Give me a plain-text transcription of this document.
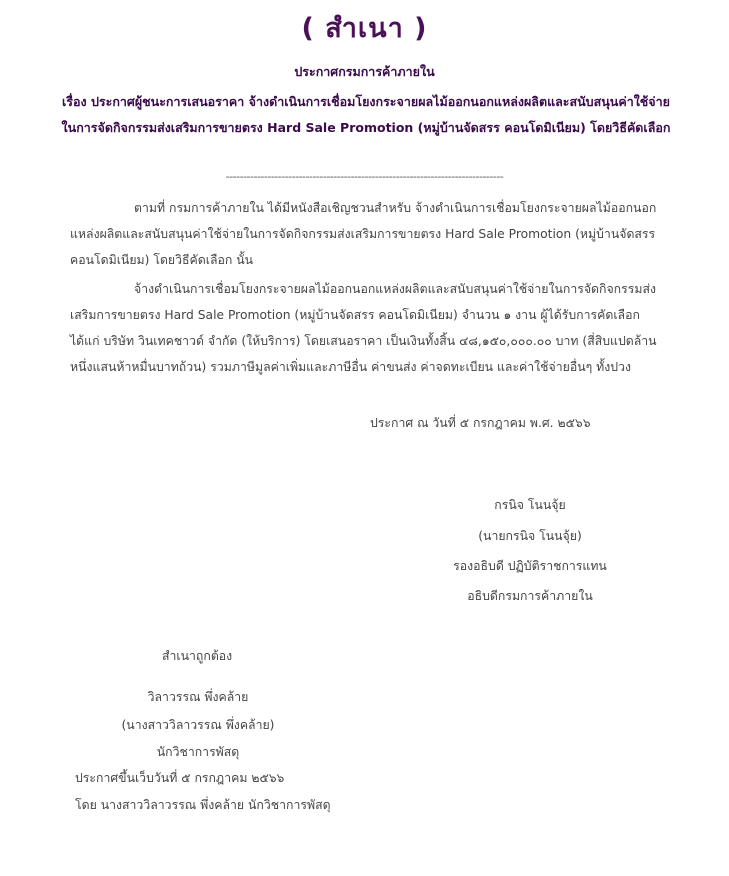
( สำเนา )
ประกาศกรมการค้าภายใน
เรื่อง ประกาศผู้ชนะการเสนอราคา จ้างดำเนินการเชื่อมโยงกระจายผลไม้ออกนอกแหล่งผลิตและสนับสนุนค่าใช้จ่ายในการจัดกิจกรรมส่งเสริมการขายตรง Hard Sale Promotion (หมู่บ้านจัดสรร คอนโดมิเนียม) โดยวิธีคัดเลือก
--------------------------------------------------------------------------------
ตามที่ กรมการค้าภายใน ได้มีหนังสือเชิญชวนสำหรับ จ้างดำเนินการเชื่อมโยงกระจายผลไม้ออกนอกแหล่งผลิตและสนับสนุนค่าใช้จ่ายในการจัดกิจกรรมส่งเสริมการขายตรง Hard Sale Promotion (หมู่บ้านจัดสรร คอนโดมิเนียม) โดยวิธีคัดเลือก นั้น
จ้างดำเนินการเชื่อมโยงกระจายผลไม้ออกนอกแหล่งผลิตและสนับสนุนค่าใช้จ่ายในการจัดกิจกรรมส่งเสริมการขายตรง Hard Sale Promotion (หมู่บ้านจัดสรร คอนโดมิเนียม) จำนวน ๑ งาน ผู้ได้รับการคัดเลือก ได้แก่ บริษัท วินเทคชาวด์ จำกัด (ให้บริการ) โดยเสนอราคา เป็นเงินทั้งสิ้น ๔๘,๑๕๐,๐๐๐.๐๐ บาท (สี่สิบแปดล้านหนึ่งแสนห้าหมื่นบาทถ้วน) รวมภาษีมูลค่าเพิ่มและภาษีอื่น ค่าขนส่ง ค่าจดทะเบียน และค่าใช้จ่ายอื่นๆ ทั้งปวง
ประกาศ ณ วันที่ ๕ กรกฎาคม พ.ศ. ๒๕๖๖
กรนิจ โนนจุ้ย
(นายกรนิจ โนนจุ้ย)
รองอธิบดี ปฏิบัติราชการแทน
อธิบดีกรมการค้าภายใน
สำเนาถูกต้อง
วิลาวรรณ พึ่งคล้าย
(นางสาววิลาวรรณ พึ่งคล้าย)
นักวิชาการพัสดุ
ประกาศขึ้นเว็บวันที่ ๕ กรกฎาคม ๒๕๖๖
โดย นางสาววิลาวรรณ พึ่งคล้าย นักวิชาการพัสดุ
